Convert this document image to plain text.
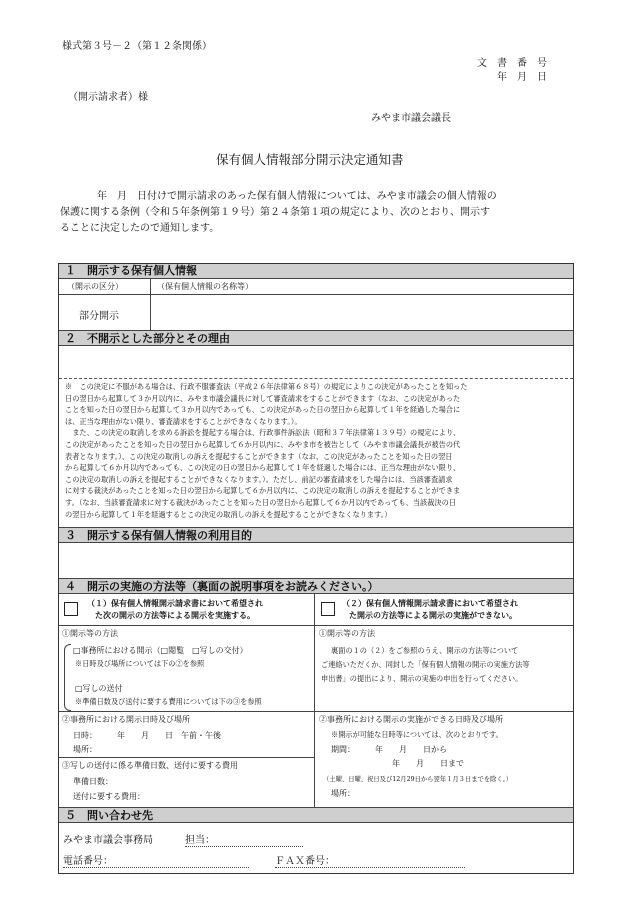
様式第３号－２（第１２条関係）
文　書　番　号
年　月　日
（開示請求者）様
みやま市議会議長
保有個人情報部分開示決定通知書
年　月　日付けで開示請求のあった保有個人情報については、みやま市議会の個人情報の
保護に関する条例（令和５年条例第１９号）第２４条第１項の規定により、次のとおり、開示す
ることに決定したので通知します。
１　開示する保有個人情報
（開示の区分）	（保有個人情報の名称等）
部分開示
２　不開示とした部分とその理由

※　この決定に不服がある場合は、行政不服審査法（平成２６年法律第６８号）の規定によりこの決定があったことを知った

日の翌日から起算して３か月以内に、みやま市議会議長に対して審査請求をすることができます（なお、この決定があった

ことを知った日の翌日から起算して３か月以内であっても、この決定があった日の翌日から起算して１年を経過した場合に

は、正当な理由がない限り、審査請求をすることができなくなります。）。

　また、この決定の取消しを求める訴訟を提起する場合は、行政事件訴訟法（昭和３７年法律第１３９号）の規定により、

この決定があったことを知った日の翌日から起算して６か月以内に、みやま市を被告として（みやま市議会議長が被告の代

表者となります。）、この決定の取消しの訴えを提起することができます（なお、この決定があったことを知った日の翌日

から起算して６か月以内であっても、この決定の日の翌日から起算して１年を経過した場合には、正当な理由がない限り、

この決定の取消しの訴えを提起することができなくなります。）。ただし、前記の審査請求をした場合には、当該審査請求

に対する裁決があったことを知った日の翌日から起算して６か月以内に、この決定の取消しの訴えを提起することができま

す。（なお、当該審査請求に対する裁決があったことを知った日の翌日から起算して６か月以内であっても、当該裁決の日

の翌日から起算して１年を経過するとこの決定の取消しの訴えを提起することができなくなります。）

３　開示する保有個人情報の利用目的
４　開示の実施の方法等（裏面の説明事項をお読みください。）
（１）保有個人情報開示請求書において希望され
た次の開示の方法等による開示を実施する。
（２）保有個人情報開示請求書において希望され
た開示の方法等による開示の実施ができない。
①開示等の方法
□事務所における開示（□閲覧　□写しの交付）
※日時及び場所については下の②を参照
□写しの送付
※準備日数及び送付に要する費用については下の③を参照
①開示等の方法
裏面の１の（２）をご参照のうえ、開示の方法等について
ご連絡いただくか、同封した「保有個人情報の開示の実施方法等
申出書」の提出により、開示の実施の申出を行ってください。
②事務所における開示日時及び場所
日時：　　　年　　月　　日　午前・午後
場所：
③写しの送付に係る準備日数、送付に要する費用
準備日数：
送付に要する費用：
②事務所における開示の実施ができる日時及び場所
※開示が可能な日時等については、次のとおりです。
期間：　　　年　　月　　日から
年　　月　　日まで
（土曜、日曜、祝日及び12月29日から翌年１月３日までを除く。）
場所：
５　問い合わせ先
みやま市議会事務局	担当：
電話番号：	ＦＡＸ番号：
